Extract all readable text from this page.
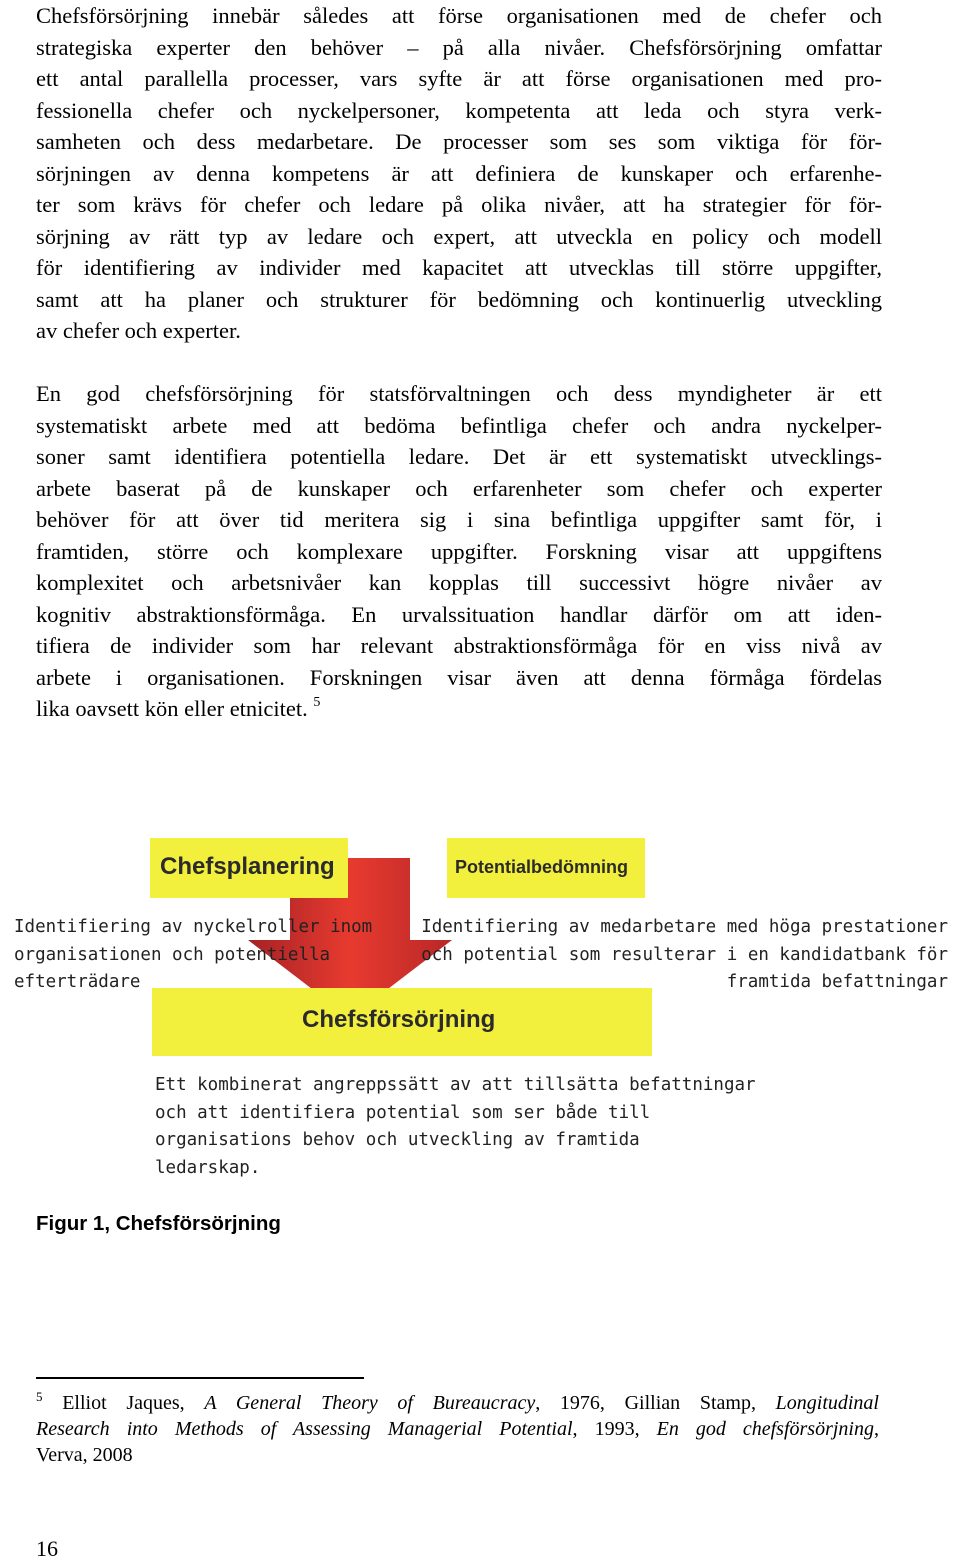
Chefsförsörjning innebär således att förse organisationen med de chefer och
strategiska experter den behöver – på alla nivåer. Chefsförsörjning omfattar
ett antal parallella processer, vars syfte är att förse organisationen med pro-
fessionella chefer och nyckelpersoner, kompetenta att leda och styra verk-
samheten och dess medarbetare. De processer som ses som viktiga för för-
sörjningen av denna kompetens är att definiera de kunskaper och erfarenhe-
ter som krävs för chefer och ledare på olika nivåer, att ha strategier för för-
sörjning av rätt typ av ledare och expert, att utveckla en policy och modell
för identifiering av individer med kapacitet att utvecklas till större uppgifter,
samt att ha planer och strukturer för bedömning och kontinuerlig utveckling
av chefer och experter.

En god chefsförsörjning för statsförvaltningen och dess myndigheter är ett
systematiskt arbete med att bedöma befintliga chefer och andra nyckelper-
soner samt identifiera potentiella ledare. Det är ett systematiskt utvecklings-
arbete baserat på de kunskaper och erfarenheter som chefer och experter
behöver för att över tid meritera sig i sina befintliga uppgifter samt för, i
framtiden, större och komplexare uppgifter. Forskning visar att uppgiftens
komplexitet och arbetsnivåer kan kopplas till successivt högre nivåer av
kognitiv abstraktionsförmåga. En urvalssituation handlar därför om att iden-
tifiera de individer som har relevant abstraktionsförmåga för en viss nivå av
arbete i organisationen. Forskningen visar även att denna förmåga fördelas
lika oavsett kön eller etnicitet. $^5$

Chefsplanering	Potentialbedömning
Chefsförsörjning
Identifiering av nyckelroller inom
organisationen och potentiella
efterträdare
Identifiering av medarbetare med höga prestationer
och potential som resulterar i en kandidatbank för
framtida befattningar
Ett kombinerat angreppssätt av att tillsätta befattningar
och att identifiera potential som ser både till
organisations behov och utveckling av framtida
ledarskap.
Figur 1, Chefsförsörjning

$^5$ Elliot Jaques, A General Theory of Bureaucracy, 1976, Gillian Stamp, Longitudinal
Research into Methods of Assessing Managerial Potential, 1993, En god chefsförsörjning,
Verva, 2008

16
